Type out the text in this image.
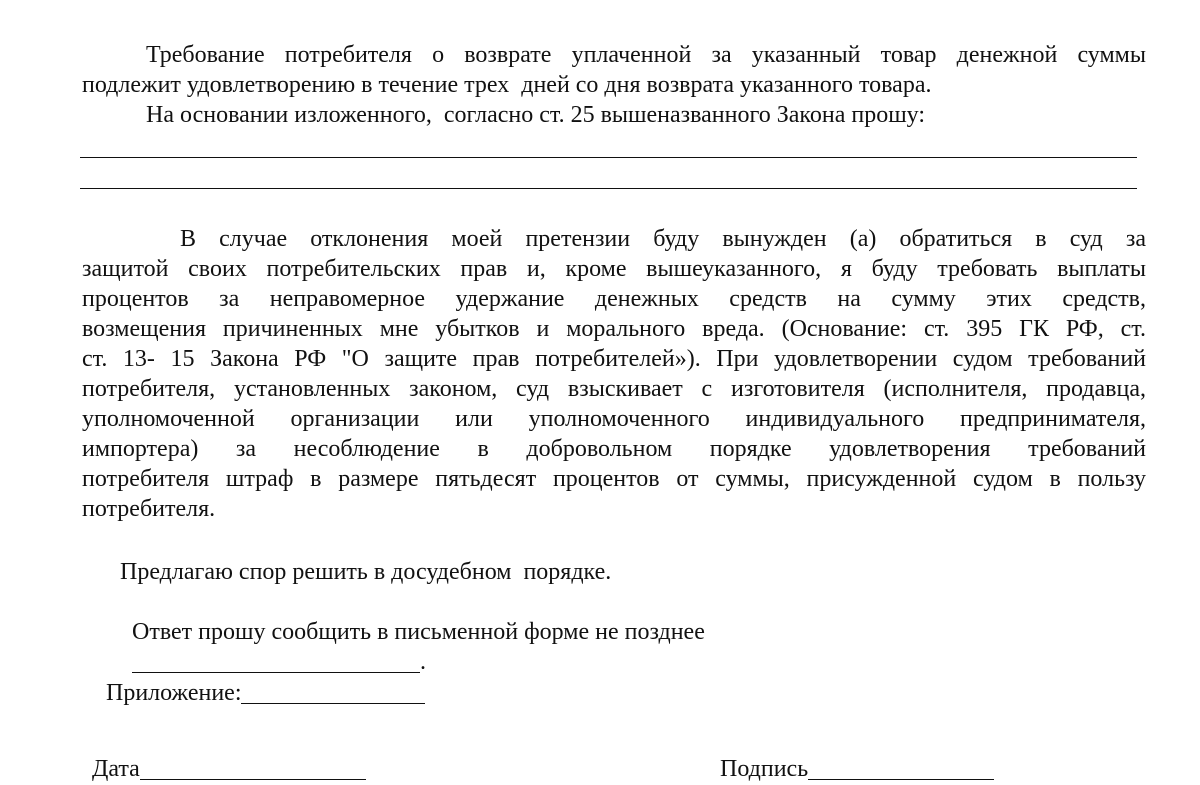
Требование потребителя о возврате уплаченной за указанный товар денежной суммы
подлежит удовлетворению в течение трех  дней со дня возврата указанного товара.
На основании изложенного,  согласно ст. 25 вышеназванного Закона прошу:
В случае отклонения моей претензии буду вынужден (а) обратиться в суд за
защитой своих потребительских прав и, кроме вышеуказанного, я буду требовать выплаты
процентов за неправомерное удержание денежных средств на сумму этих средств,
возмещения причиненных мне убытков и морального вреда. (Основание: ст. 395 ГК РФ, ст.
ст. 13- 15 Закона РФ "О защите прав потребителей»). При удовлетворении судом требований
потребителя, установленных законом, суд взыскивает с изготовителя (исполнителя, продавца,
уполномоченной организации или уполномоченного индивидуального предпринимателя,
импортера) за несоблюдение в добровольном порядке удовлетворения требований
потребителя штраф в размере пятьдесят процентов от суммы, присужденной судом в пользу
потребителя.
Предлагаю спор решить в досудебном  порядке.

Ответ прошу сообщить в письменной форме не позднее
.

Приложение:

Дата	Подпись
